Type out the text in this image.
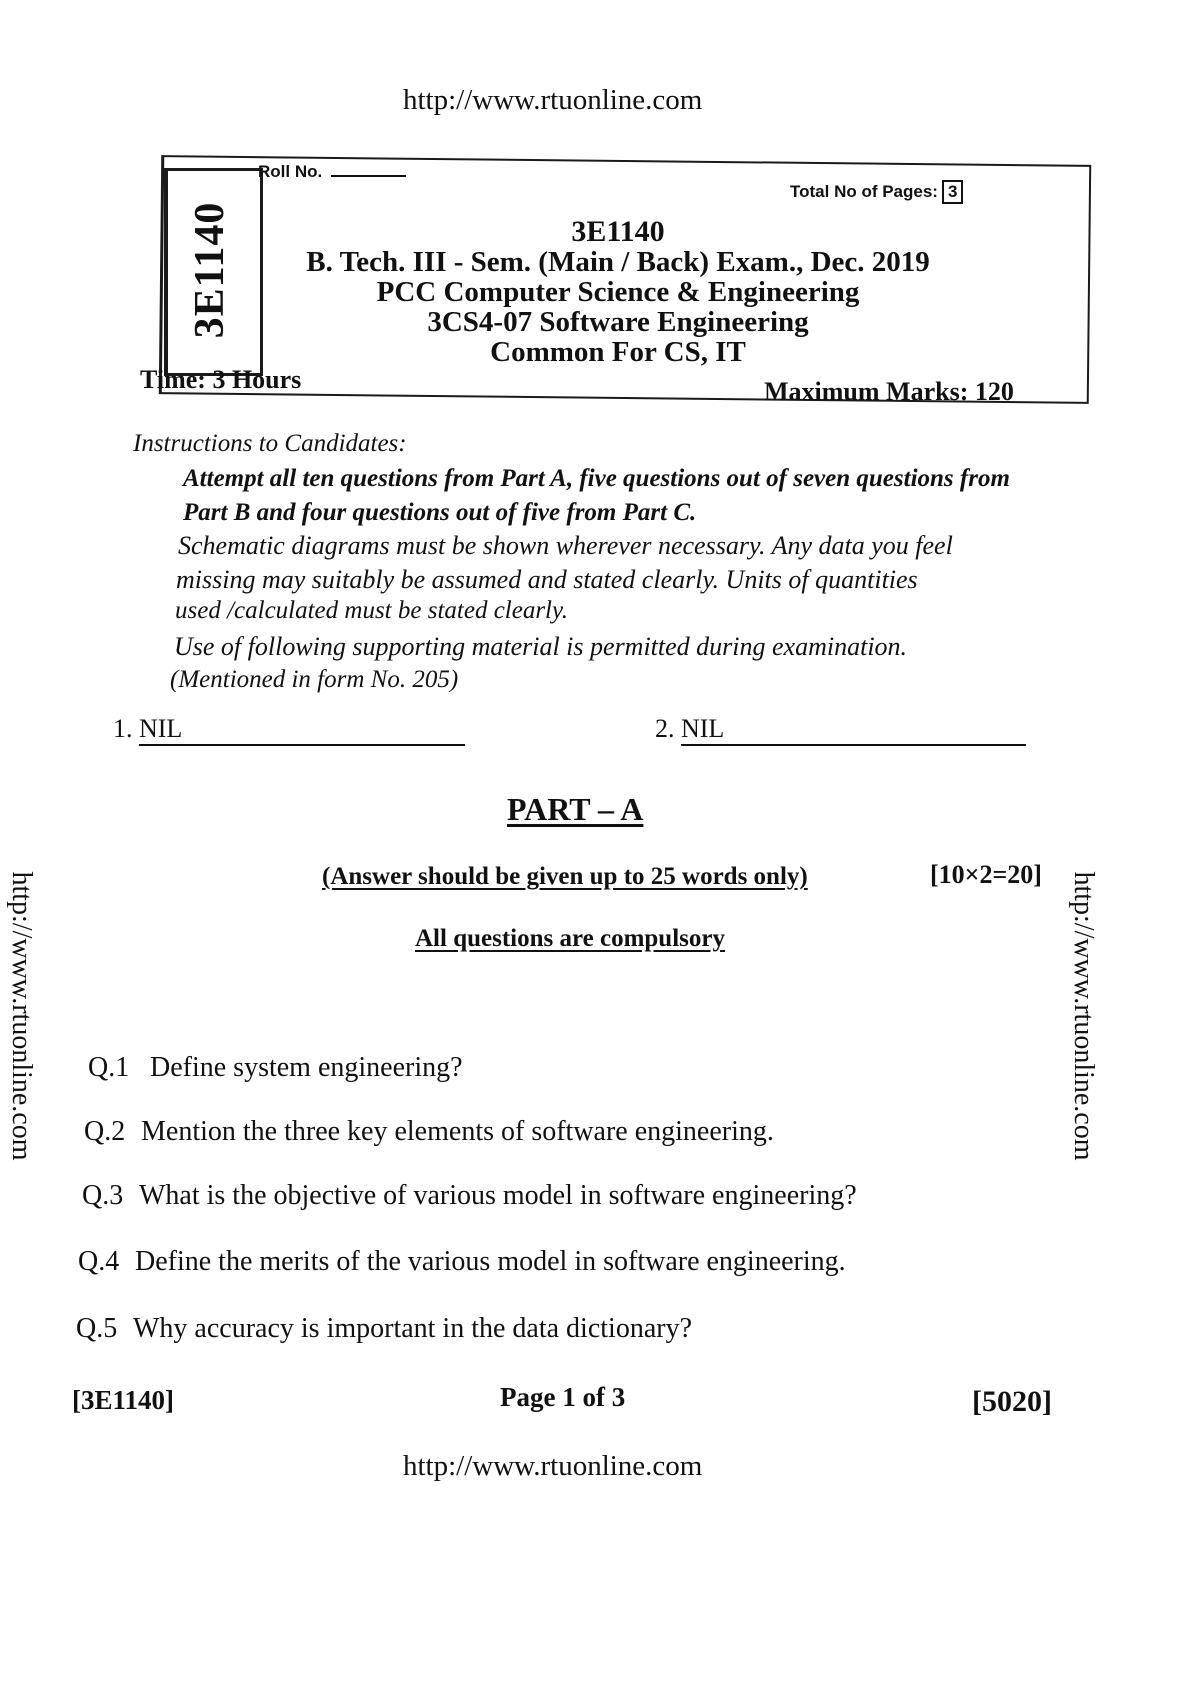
http://www.rtuonline.com
http://www.rtuonline.com	http://www.rtuonline.com
3E1140
Roll No.
Total No of Pages: 3
3E1140
B. Tech. III - Sem. (Main / Back) Exam., Dec. 2019
PCC Computer Science & Engineering
3CS4-07 Software Engineering
Common For CS, IT
Time: 3 Hours	Maximum Marks: 120
Instructions to Candidates:
Attempt all ten questions from Part A, five questions out of seven questions from
Part B and four questions out of five from Part C.
Schematic diagrams must be shown wherever necessary. Any data you feel
missing may suitably be assumed and stated clearly. Units of quantities
used /calculated must be stated clearly.
Use of following supporting material is permitted during examination.
(Mentioned in form No. 205)
1. NIL	2. NIL
PART – A
(Answer should be given up to 25 words only)	[10×2=20]
All questions are compulsory
Q.1 Define system engineering?
Q.2 Mention the three key elements of software engineering.
Q.3 What is the objective of various model in software engineering?
Q.4 Define the merits of the various model in software engineering.
Q.5 Why accuracy is important in the data dictionary?
[3E1140]	Page 1 of 3	[5020]
http://www.rtuonline.com
